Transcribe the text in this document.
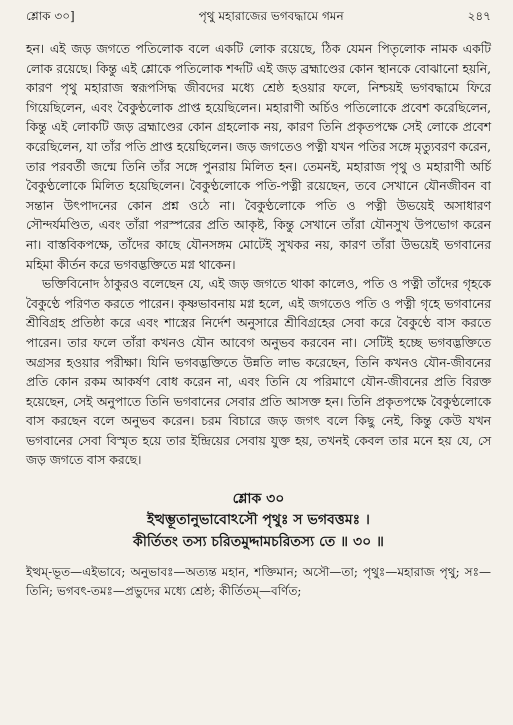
শ্লোক ৩০]	পৃথু মহারাজের ভগবদ্ধামে গমন	২৪৭

হন। এই জড় জগতে পতিলোক বলে একটি লোক রয়েছে, ঠিক যেমন পিতৃলোক নামক একটি লোক রয়েছে। কিন্তু এই শ্লোকে পতিলোক শব্দটি এই জড় ব্রহ্মাণ্ডের কোন স্থানকে বোঝানো হয়নি, কারণ পৃথু মহারাজ স্বরূপসিদ্ধ জীবদের মধ্যে শ্রেষ্ঠ হওয়ার ফলে, নিশ্চয়ই ভগবদ্ধামে ফিরে গিয়েছিলেন, এবং বৈকুণ্ঠলোক প্রাপ্ত হয়েছিলেন। মহারাণী অর্চিও পতিলোকে প্রবেশ করেছিলেন, কিন্তু এই লোকটি জড় ব্রহ্মাণ্ডের কোন গ্রহলোক নয়, কারণ তিনি প্রকৃতপক্ষে সেই লোকে প্রবেশ করেছিলেন, যা তাঁর পতি প্রাপ্ত হয়েছিলেন। জড় জগতেও পত্নী যখন পতির সঙ্গে মৃত্যুবরণ করেন, তার পরবর্তী জন্মে তিনি তাঁর সঙ্গে পুনরায় মিলিত হন। তেমনই, মহারাজ পৃথু ও মহারাণী অর্চি বৈকুণ্ঠলোকে মিলিত হয়েছিলেন। বৈকুণ্ঠলোকে পতি-পত্নী রয়েছেন, তবে সেখানে যৌনজীবন বা সন্তান উৎপাদনের কোন প্রশ্ন ওঠে না। বৈকুণ্ঠলোকে পতি ও পত্নী উভয়েই অসাধারণ সৌন্দর্যমণ্ডিত, এবং তাঁরা পরস্পরের প্রতি আকৃষ্ট, কিন্তু সেখানে তাঁরা যৌনসুখ উপভোগ করেন না। বাস্তবিকপক্ষে, তাঁদের কাছে যৌনসঙ্গম মোটেই সুখকর নয়, কারণ তাঁরা উভয়েই ভগবানের মহিমা কীর্তন করে ভগবদ্ভক্তিতে মগ্ন থাকেন।

ভক্তিবিনোদ ঠাকুরও বলেছেন যে, এই জড় জগতে থাকা কালেও, পতি ও পত্নী তাঁদের গৃহকে বৈকুণ্ঠে পরিণত করতে পারেন। কৃষ্ণভাবনায় মগ্ন হলে, এই জগতেও পতি ও পত্নী গৃহে ভগবানের শ্রীবিগ্রহ প্রতিষ্ঠা করে এবং শাস্ত্রের নির্দেশ অনুসারে শ্রীবিগ্রহের সেবা করে বৈকুণ্ঠে বাস করতে পারেন। তার ফলে তাঁরা কখনও যৌন আবেগ অনুভব করবেন না। সেটিই হচ্ছে ভগবদ্ভক্তিতে অগ্রসর হওয়ার পরীক্ষা। যিনি ভগবদ্ভক্তিতে উন্নতি লাভ করেছেন, তিনি কখনও যৌন-জীবনের প্রতি কোন রকম আকর্ষণ বোধ করেন না, এবং তিনি যে পরিমাণে যৌন-জীবনের প্রতি বিরক্ত হয়েছেন, সেই অনুপাতে তিনি ভগবানের সেবার প্রতি আসক্ত হন। তিনি প্রকৃতপক্ষে বৈকুণ্ঠলোকে বাস করছেন বলে অনুভব করেন। চরম বিচারে জড় জগৎ বলে কিছু নেই, কিন্তু কেউ যখন ভগবানের সেবা বিস্মৃত হয়ে তার ইন্দ্রিয়ের সেবায় যুক্ত হয়, তখনই কেবল তার মনে হয় যে, সে জড় জগতে বাস করছে।

শ্লোক ৩০
ইত্থম্ভূতানুভাবোঽসৌ পৃথুঃ স ভগবত্তমঃ ।
কীর্তিতং তস্য চরিতমুদ্দামচরিতস্য তে ॥ ৩০ ॥
ইত্থম্-ভূত—এইভাবে; অনুভাবঃ—অত্যন্ত মহান, শক্তিমান; অসৌ—তা; পৃথুঃ—মহারাজ পৃথু; সঃ—তিনি; ভগবৎ-তমঃ—প্রভুদের মধ্যে শ্রেষ্ঠ; কীর্তিতম্—বর্ণিত;
